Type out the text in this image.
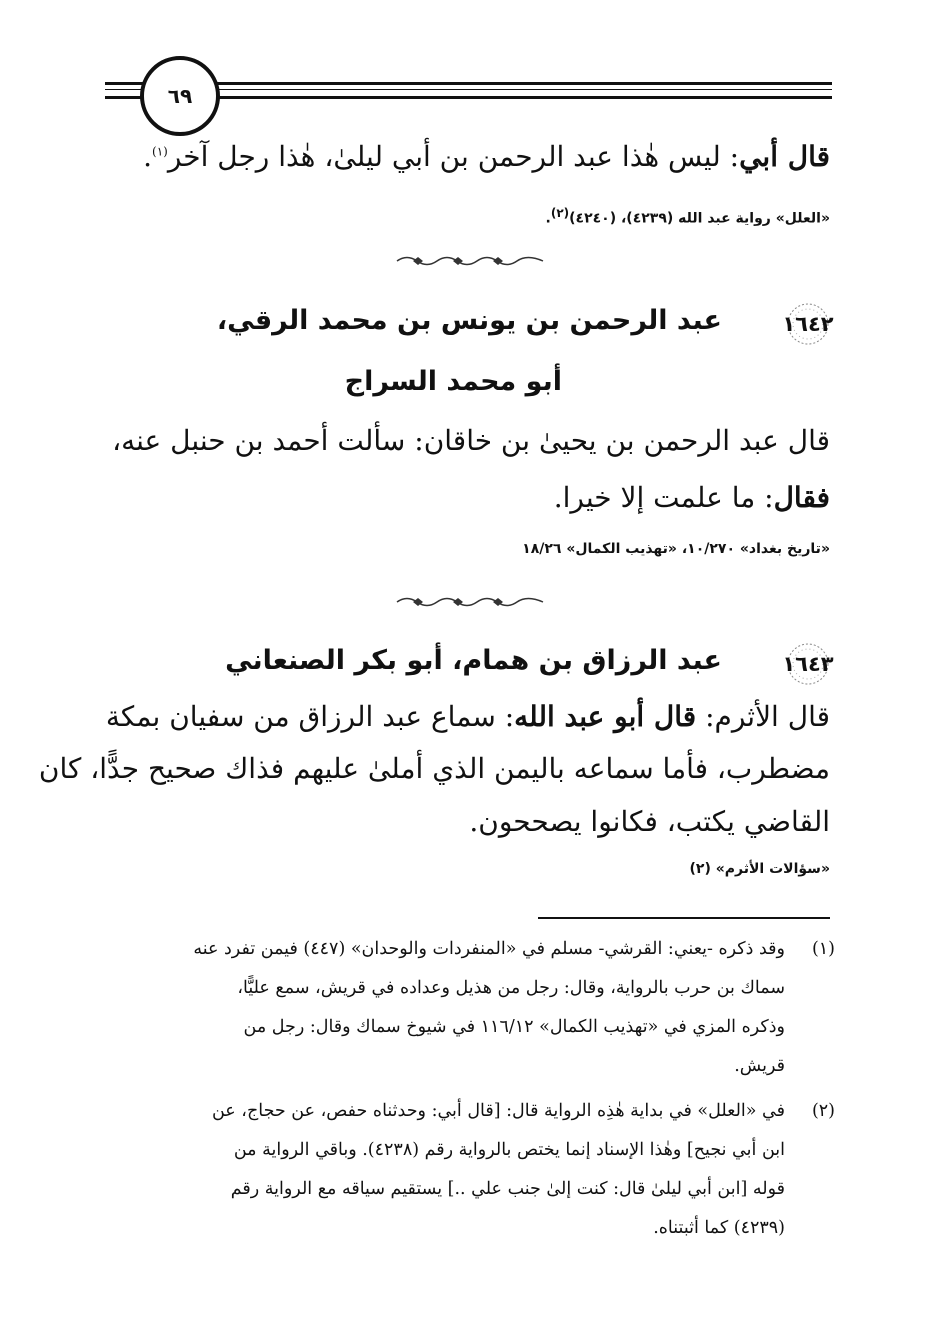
٦٩
قال أبي: ليس هٰذا عبد الرحمن بن أبي ليلىٰ، هٰذا رجل آخر$^{(١)}$.
«العلل» رواية عبد الله (٤٢٣٩)، (٤٢٤٠)$^{(٢)}$.
١٦٤٢
عبد الرحمن بن يونس بن محمد الرقي،
أبو محمد السراج
قال عبد الرحمن بن يحيىٰ بن خاقان: سألت أحمد بن حنبل عنه،
فقال: ما علمت إلا خيرا.
«تاريخ بغداد» ١٠/٢٧٠، «تهذيب الكمال» ١٨/٢٦
١٦٤٣
عبد الرزاق بن همام، أبو بكر الصنعاني
قال الأثرم: قال أبو عبد الله: سماع عبد الرزاق من سفيان بمكة
مضطرب، فأما سماعه باليمن الذي أملىٰ عليهم فذاك صحيح جدًّا، كان
القاضي يكتب، فكانوا يصححون.
«سؤالات الأثرم» (٢)
(١)
وقد ذكره -يعني: القرشي- مسلم في «المنفردات والوحدان» (٤٤٧) فيمن تفرد عنه
سماك بن حرب بالرواية، وقال: رجل من هذيل وعداده في قريش، سمع عليًّا،
وذكره المزي في «تهذيب الكمال» ١١٦/١٢ في شيوخ سماك وقال: رجل من
قريش.
(٢)
في «العلل» في بداية هٰذِه الرواية قال: [قال أبي: وحدثناه حفص، عن حجاج، عن
ابن أبي نجيح] وهٰذا الإسناد إنما يختص بالرواية رقم (٤٢٣٨). وباقي الرواية من
قوله [ابن أبي ليلىٰ قال: كنت إلىٰ جنب علي ..] يستقيم سياقه مع الرواية رقم
(٤٢٣٩) كما أثبتناه.
